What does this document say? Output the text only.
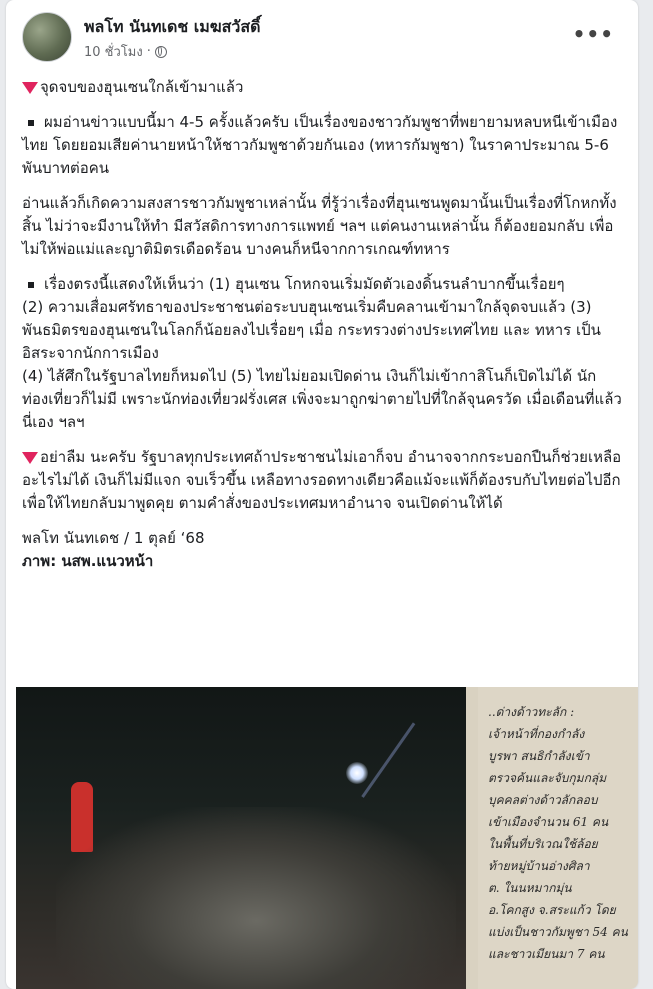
พลโท นันทเดช เมฆสวัสดิ์
10 ชั่วโมง ·
•••

จุดจบของฮุนเซนใกล้เข้ามาแล้ว

ผมอ่านข่าวแบบนี้มา 4-5 ครั้งแล้วครับ เป็นเรื่องของชาวกัมพูชาที่พยายามหลบหนีเข้าเมืองไทย โดยยอมเสียค่านายหน้าให้ชาวกัมพูชาด้วยกันเอง (ทหารกัมพูชา) ในราคาประมาณ 5-6 พันบาทต่อคน

อ่านแล้วก็เกิดความสงสารชาวกัมพูชาเหล่านั้น ที่รู้ว่าเรื่องที่ฮุนเซนพูดมานั้นเป็นเรื่องที่โกหกทั้งสิ้น ไม่ว่าจะมีงานให้ทำ มีสวัสดิการทางการแพทย์ ฯลฯ แต่คนงานเหล่านั้น ก็ต้องยอมกลับ เพื่อไม่ให้พ่อแม่และญาติมิตรเดือดร้อน บางคนก็หนีจากการเกณฑ์ทหาร

เรื่องตรงนี้แสดงให้เห็นว่า (1) ฮุนเซน โกหกจนเริ่มมัดตัวเองดิ้นรนลำบากขึ้นเรื่อยๆ

(2) ความเสื่อมศรัทธาของประชาชนต่อระบบฮุนเซนเริ่มคืบคลานเข้ามาใกล้จุดจบแล้ว (3) พันธมิตรของฮุนเซนในโลกก็น้อยลงไปเรื่อยๆ เมื่อ กระทรวงต่างประเทศไทย และ ทหาร เป็นอิสระจากนักการเมือง

(4) ไส้ศึกในรัฐบาลไทยก็หมดไป (5) ไทยไม่ยอมเปิดด่าน เงินก็ไม่เข้ากาสิโนก็เปิดไม่ได้ นักท่องเที่ยวก็ไม่มี เพราะนักท่องเที่ยวฝรั่งเศส เพิ่งจะมาถูกฆ่าตายไปที่ใกล้จุนครวัด เมื่อเดือนที่แล้วนี่เอง ฯลฯ

อย่าลืม นะครับ รัฐบาลทุกประเทศถ้าประชาชนไม่เอาก็จบ อำนาจจากกระบอกปืนก็ช่วยเหลืออะไรไม่ได้ เงินก็ไม่มีแจก จบเร็วขึ้น เหลือทางรอดทางเดียวคือแม้จะแพ้ก็ต้องรบกับไทยต่อไปอีก เพื่อให้ไทยกลับมาพูดคุย ตามคำสั่งของประเทศมหาอำนาจ จนเปิดด่านให้ได้

พลโท นันทเดช / 1 ตุลย์ ‘68

ภาพ: นสพ.แนวหน้า

..ด่างด้าวทะลัก :
เจ้าหน้าที่กองกำลัง
บูรพา สนธิกำลังเข้า
ตรวจค้นและจับกุมกลุ่ม
บุคคลต่างด้าวลักลอบ
เข้าเมืองจำนวน 61 คน
ในพื้นที่บริเวณใช้ล้อย
ท้ายหมู่บ้านอ่างศิลา
ต. ในนหมากมุ่น
อ.โคกสูง จ.สระแก้ว โดย
แบ่งเป็นชาวกัมพูชา 54 คน
และชาวเมียนมา 7 คน
